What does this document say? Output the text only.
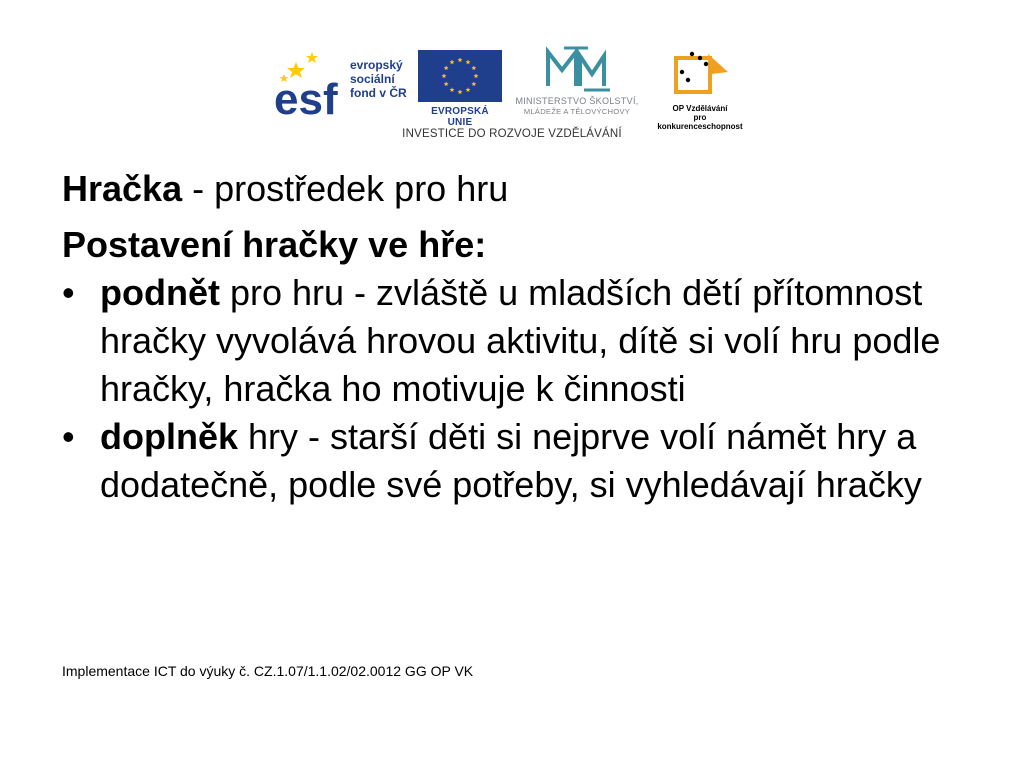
esf
evropský
sociální
fond v ČR
EVROPSKÁ UNIE
MINISTERSTVO ŠKOLSTVÍ,
MLÁDEŽE A TĚLOVÝCHOVY	OP Vzdělávání
pro konkurenceschopnost
INVESTICE DO ROZVOJE VZDĚLÁVÁNÍ

Hračka - prostředek pro hru

Postavení hračky ve hře:

• podnět pro hru - zvláště u mladších dětí přítomnost hračky vyvolává hrovou aktivitu, dítě si volí hru podle hračky, hračka ho motivuje k činnosti
• doplněk hry - starší děti si nejprve volí námět hry a dodatečně, podle své potřeby, si vyhledávají hračky
Implementace ICT do výuky č. CZ.1.07/1.1.02/02.0012 GG OP VK
